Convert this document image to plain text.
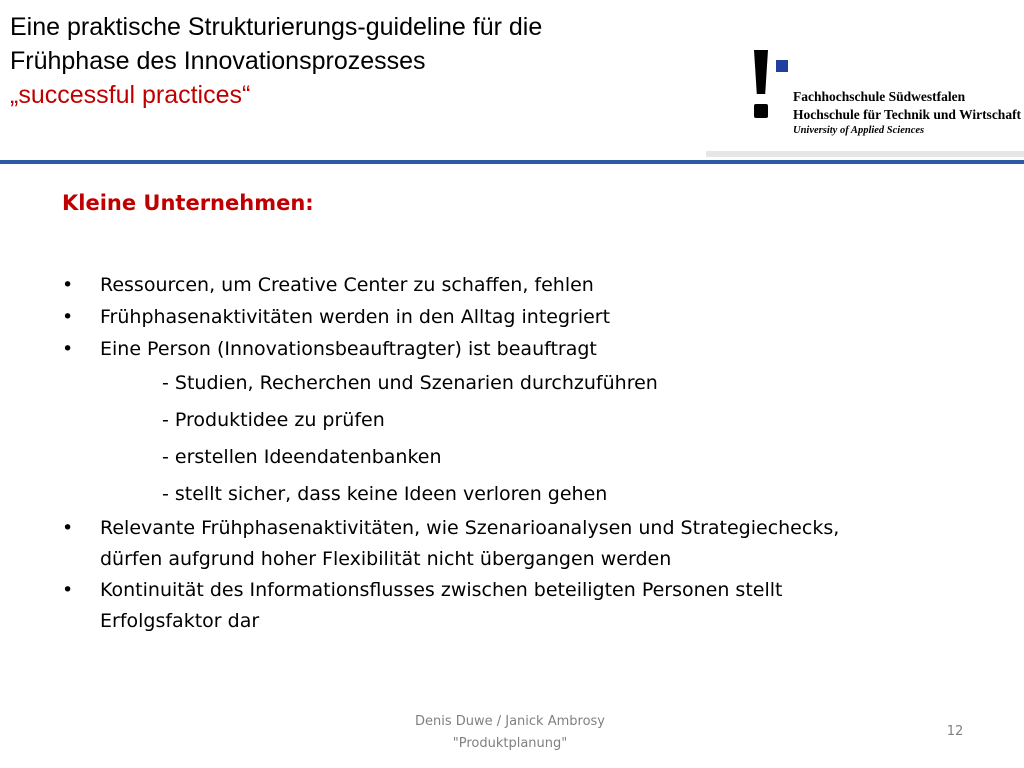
Eine praktische Strukturierungs-guideline für die
Frühphase des Innovationsprozesses
„successful practices“	Fachhochschule Südwestfalen
Hochschule für Technik und Wirtschaft
University of Applied Sciences
Kleine Unternehmen:
• Ressourcen, um Creative Center zu schaffen, fehlen
• Frühphasenaktivitäten werden in den Alltag integriert
• Eine Person (Innovationsbeauftragter) ist beauftragt
- Studien, Recherchen und Szenarien durchzuführen
- Produktidee zu prüfen
- erstellen Ideendatenbanken
- stellt sicher, dass keine Ideen verloren gehen
• Relevante Frühphasenaktivitäten, wie Szenarioanalysen und Strategiechecks,
dürfen aufgrund hoher Flexibilität nicht übergangen werden
• Kontinuität des Informationsflusses zwischen beteiligten Personen stellt
Erfolgsfaktor dar
Denis Duwe / Janick Ambrosy
"Produktplanung"
12
